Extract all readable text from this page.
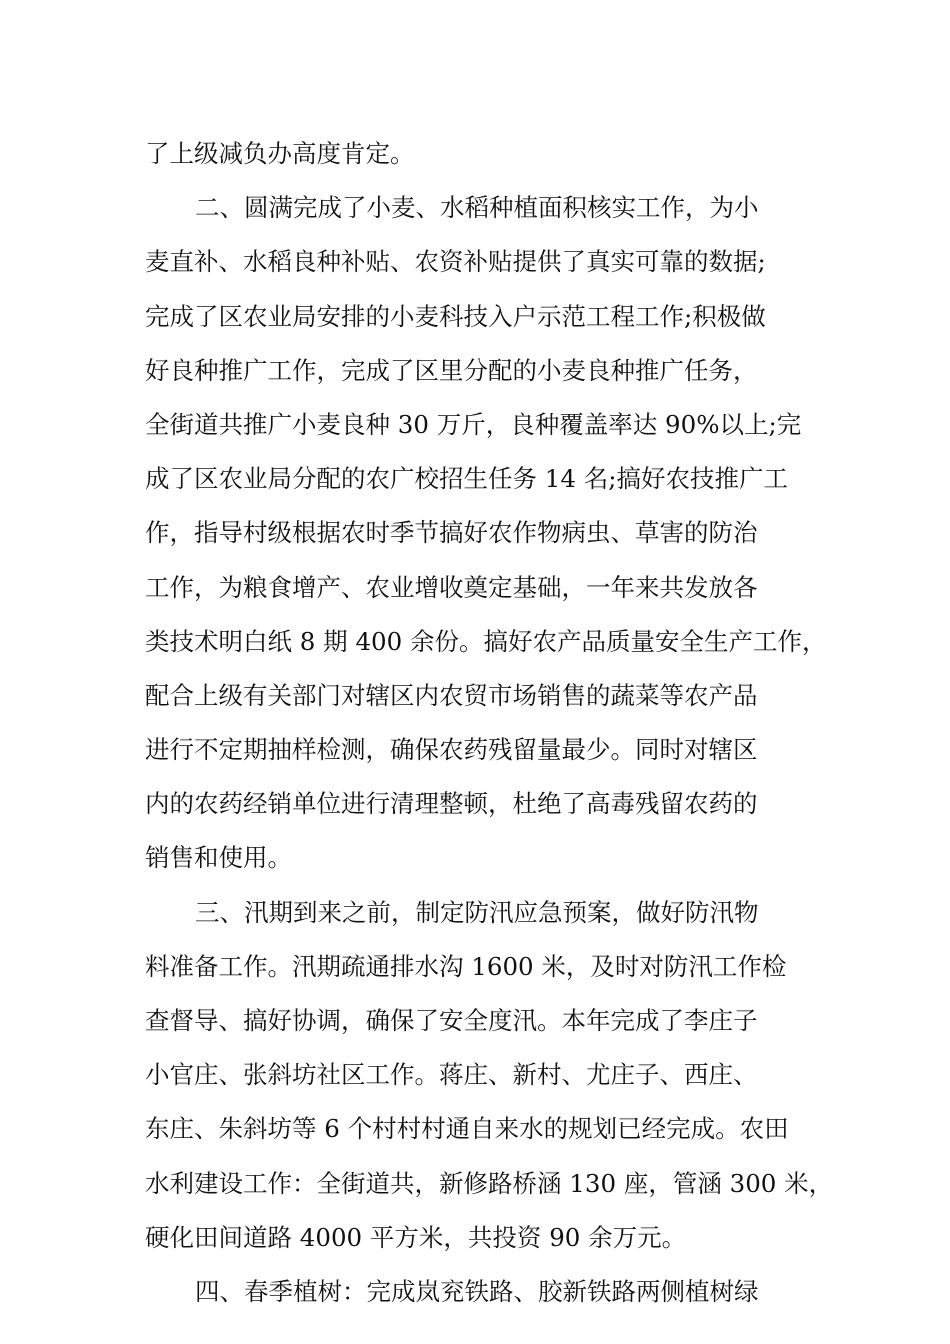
了上级减负办高度肯定。
二、圆满完成了小麦、水稻种植面积核实工作，为小
麦直补、水稻良种补贴、农资补贴提供了真实可靠的数据;
完成了区农业局安排的小麦科技入户示范工程工作;积极做
好良种推广工作，完成了区里分配的小麦良种推广任务，
全街道共推广小麦良种 30 万斤，良种覆盖率达 90%以上;完
成了区农业局分配的农广校招生任务 14 名;搞好农技推广工
作，指导村级根据农时季节搞好农作物病虫、草害的防治
工作，为粮食增产、农业增收奠定基础，一年来共发放各
类技术明白纸 8 期 400 余份。搞好农产品质量安全生产工作，
配合上级有关部门对辖区内农贸市场销售的蔬菜等农产品
进行不定期抽样检测，确保农药残留量最少。同时对辖区
内的农药经销单位进行清理整顿，杜绝了高毒残留农药的
销售和使用。
三、汛期到来之前，制定防汛应急预案，做好防汛物
料准备工作。汛期疏通排水沟 1600 米，及时对防汛工作检
查督导、搞好协调，确保了安全度汛。本年完成了李庄子
小官庄、张斜坊社区工作。蒋庄、新村、尤庄子、西庄、
东庄、朱斜坊等 6 个村村村通自来水的规划已经完成。农田
水利建设工作：全街道共，新修路桥涵 130 座，管涵 300 米，
硬化田间道路 4000 平方米，共投资 90 余万元。
四、春季植树：完成岚兖铁路、胶新铁路两侧植树绿
